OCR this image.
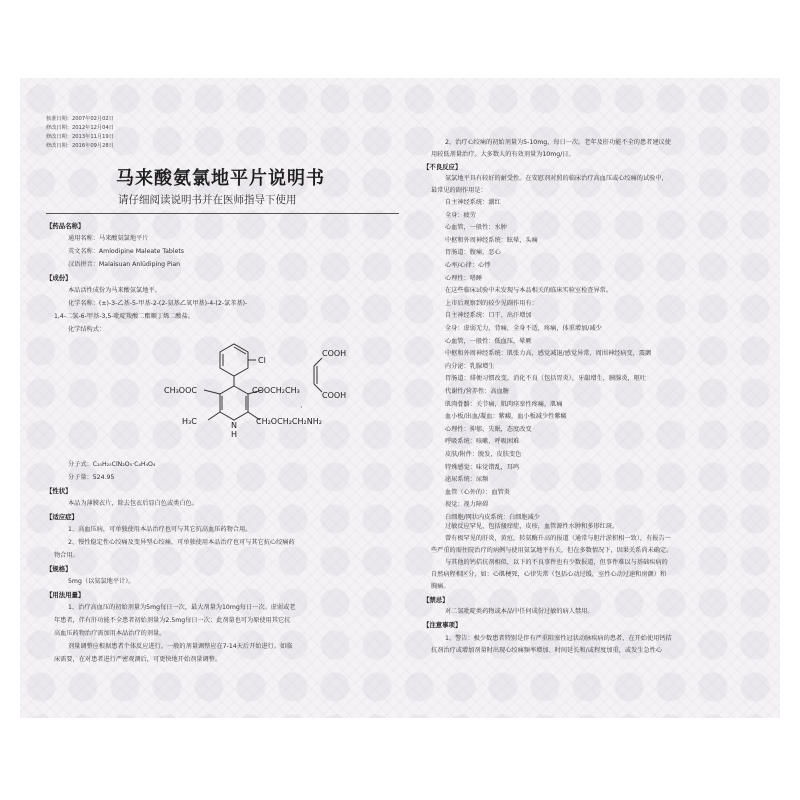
核准日期：2007年02月02日
修改日期：2012年12月04日
修改日期：2013年11月19日
修改日期：2016年09月28日
马来酸氨氯地平片说明书
请仔细阅读说明书并在医师指导下使用
【药品名称】
通用名称：马来酸氨氯地平片
英文名称：Amlodipine Maleate Tablets
汉语拼音：Malaisuan Anlüdiping Pian
【成份】
本品活性成份为马来酸氨氯地平。
化学名称：(±)-3-乙基-5-甲基-2-(2-氨基乙氧甲基)-4-(2-氯苯基)-
1,4-二氢-6-甲基-3,5-吡啶羧酸二酯顺丁烯二酸盐。
化学结构式：
Cl
CH₃OOC	COOCH₂CH₃
H₃C	N
H
CH₂OCH₂CH₂NH₂
·
COOH
COOH
分子式：C₂₀H₂₅ClN₂O₅·C₄H₄O₄
分子量：524.95
【性状】
本品为薄膜衣片，除去包衣后显白色或类白色。
【适应症】
1、高血压病，可单独使用本品治疗也可与其它抗高血压药物合用。
2、慢性稳定性心绞痛及变异型心绞痛，可单独使用本品治疗也可与其它抗心绞痛药
物合用。
【规格】
5mg（以氨氯地平计）。
【用法用量】
1、治疗高血压的初始剂量为5mg每日一次，最大剂量为10mg每日一次。虚弱或老
年患者，伴有肝功能不全患者初始剂量为2.5mg每日一次；此剂量也可为原使用其它抗
高血压药物治疗需加用本品治疗的剂量。
剂量调整应根据患者个体反应进行。一般的剂量调整应在7-14天后开始进行。如临
床需要，在对患者进行严密观测后，可更快地开始剂量调整。
2、治疗心绞痛的初始剂量为5-10mg，每日一次。老年及肝功能不全的患者建议使
用较低剂量治疗。大多数人的有效剂量为10mg/日。
【不良反应】
氨氯地平具有较好的耐受性。在安慰剂对照的临床治疗高血压或心绞痛的试验中，
最常见的副作用是：
自主神经系统：潮红
全身：疲劳
心血管，一般性：水肿
中枢和外周神经系统：眩晕，头痛
胃肠道：腹痛，恶心
心率/心律：心悸
心理性：嗜睡
在这些临床试验中未发现与本品相关的临床实验室检查异常。
上市后观察到的较少见副作用有：
自主神经系统：口干、出汗增加
全身：虚弱无力，背痛，全身不适，疼痛，体重增加/减少
心血管，一般性：低血压，晕厥
中枢和外周神经系统：肌张力高，感觉减退/感觉异常，周围神经病变，震颤
内分泌：乳腺增生
胃肠道：排便习惯改变，消化不良（包括胃炎），牙龈增生，胰腺炎，呕吐
代谢性/营养性：高血糖
肌肉骨骼：关节痛，肌肉痉挛性疼痛，肌痛
血小板/出血/凝血：紫癜，血小板减少性紫癜
心理性：抑郁，失眠，态度改变
呼吸系统：咳嗽，呼吸困难
皮肤/附件：脱发，皮肤变色
特殊感觉：味觉错乱，耳鸣
泌尿系统：尿频
血管（心外的）：血管炎
视觉：视力障碍
白细胞/网状内皮系统：白细胞减少
过敏反应罕见，包括搔痒症，皮疹，血管源性水肿和多形红斑。
曾有极罕见的肝炎，黄疸，转氨酶升高的报道（通常与胆汁淤积相一致），有报告一
些严重的需住院治疗的病例与使用氨氯地平有关，但在多数情况下，因果关系尚未确定。
与其他的钙拮抗剂相似，以下的不良事件也有少数报道，但事件难以与基础疾病的
自然病程相区分，如：心肌梗死，心律失常（包括心动过缓，室性心动过速和房颤）和
胸痛。
【禁忌】
对二氢吡啶类药物或本品中任何成份过敏的病人禁用。
【注意事项】
1、警告：极少数患者特别是伴有严重阻塞性冠状动脉疾病的患者，在开始使用钙拮
抗剂治疗或增加剂量时出现心绞痛频率增加、时间延长和/或程度加重，或发生急性心
